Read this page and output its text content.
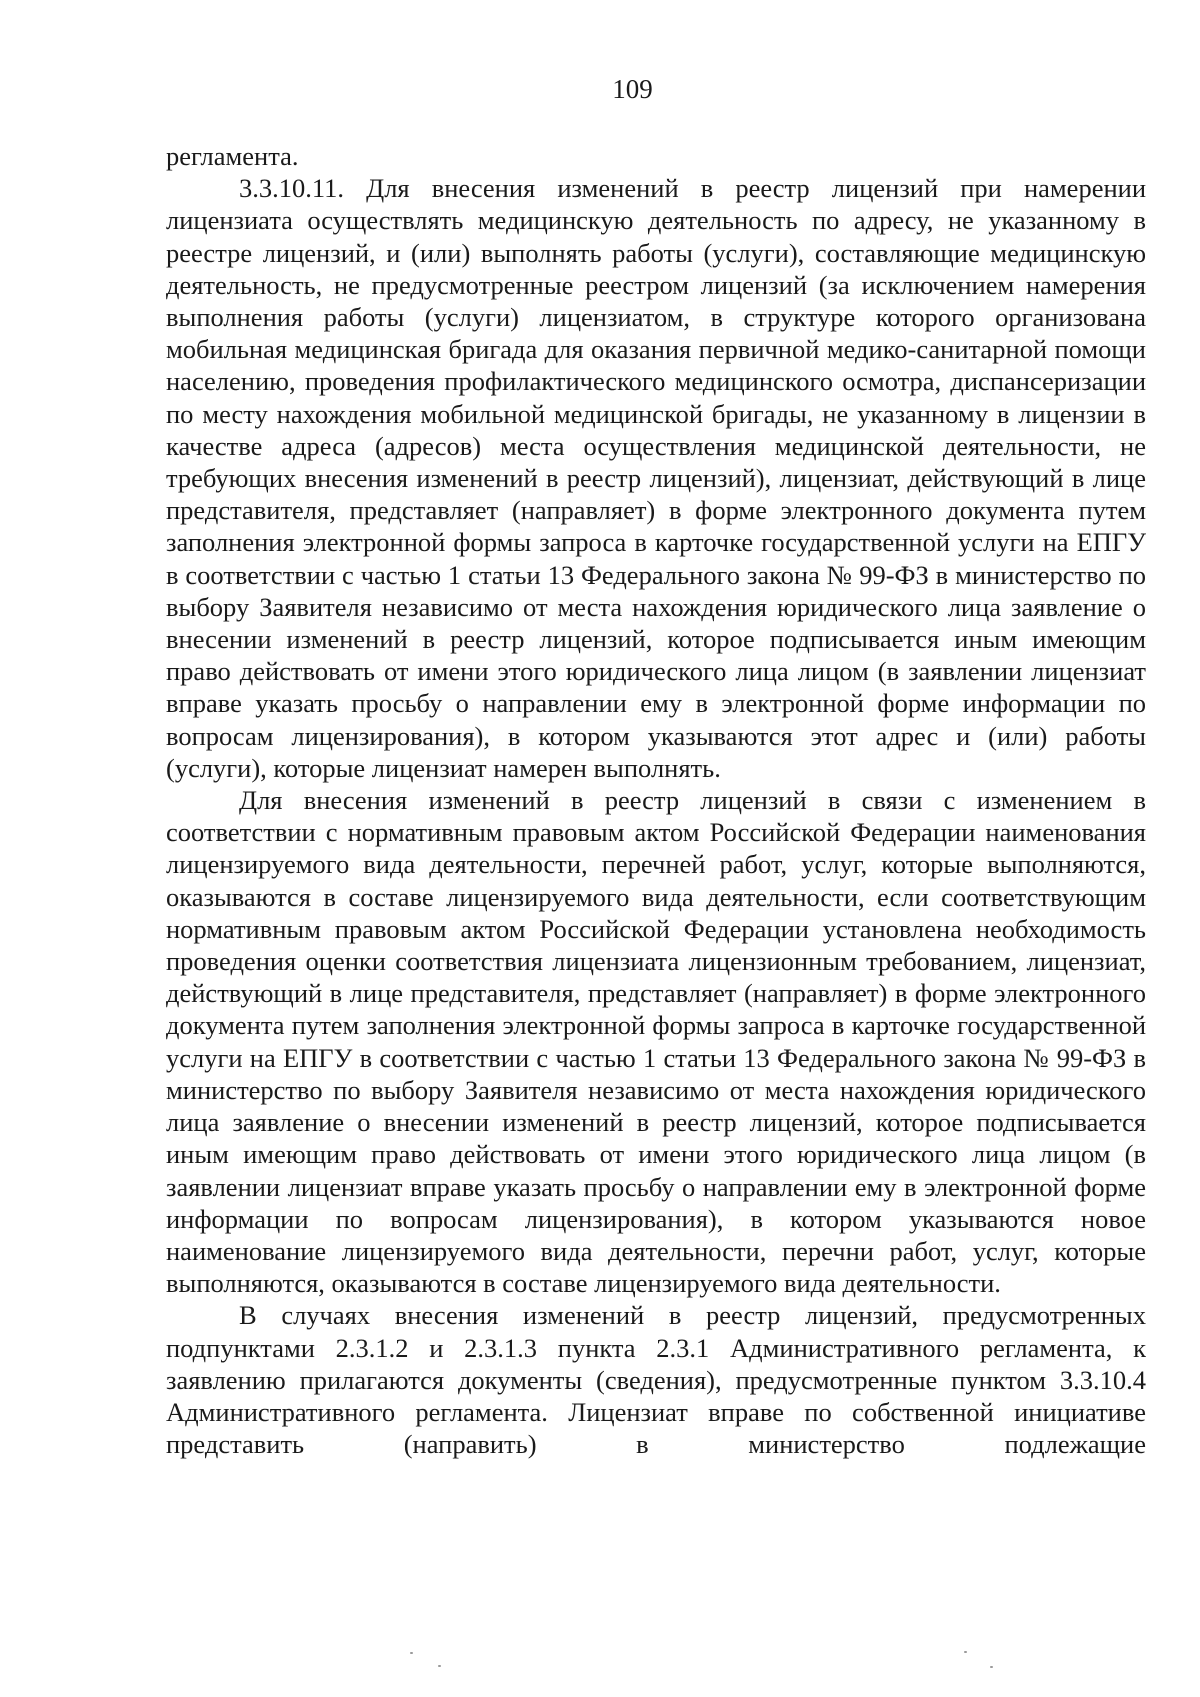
109

регламента.

3.3.10.11. Для внесения изменений в реестр лицензий при намерении лицензиата осуществлять медицинскую деятельность по адресу, не указанному в реестре лицензий, и (или) выполнять работы (услуги), составляющие медицинскую деятельность, не предусмотренные реестром лицензий (за исключением намерения выполнения работы (услуги) лицензиатом, в структуре которого организована мобильная медицинская бригада для оказания первичной медико-санитарной помощи населению, проведения профилактического медицинского осмотра, диспансеризации по месту нахождения мобильной медицинской бригады, не указанному в лицензии в качестве адреса (адресов) места осуществления медицинской деятельности, не требующих внесения изменений в реестр лицензий), лицензиат, действующий в лице представителя, представляет (направляет) в форме электронного документа путем заполнения электронной формы запроса в карточке государственной услуги на ЕПГУ в соответствии с частью 1 статьи 13 Федерального закона № 99-ФЗ в министерство по выбору Заявителя независимо от места нахождения юридического лица заявление о внесении изменений в реестр лицензий, которое подписывается иным имеющим право действовать от имени этого юридического лица лицом (в заявлении лицензиат вправе указать просьбу о направлении ему в электронной форме информации по вопросам лицензирования), в котором указываются этот адрес и (или) работы (услуги), которые лицензиат намерен выполнять.

Для внесения изменений в реестр лицензий в связи с изменением в соответствии с нормативным правовым актом Российской Федерации наименования лицензируемого вида деятельности, перечней работ, услуг, которые выполняются, оказываются в составе лицензируемого вида деятельности, если соответствующим нормативным правовым актом Российской Федерации установлена необходимость проведения оценки соответствия лицензиата лицензионным требованием, лицензиат, действующий в лице представителя, представляет (направляет) в форме электронного документа путем заполнения электронной формы запроса в карточке государственной услуги на ЕПГУ в соответствии с частью 1 статьи 13 Федерального закона № 99-ФЗ в министерство по выбору Заявителя независимо от места нахождения юридического лица заявление о внесении изменений в реестр лицензий, которое подписывается иным имеющим право действовать от имени этого юридического лица лицом (в заявлении лицензиат вправе указать просьбу о направлении ему в электронной форме информации по вопросам лицензирования), в котором указываются новое наименование лицензируемого вида деятельности, перечни работ, услуг, которые выполняются, оказываются в составе лицензируемого вида деятельности.

В случаях внесения изменений в реестр лицензий, предусмотренных подпунктами 2.3.1.2 и 2.3.1.3 пункта 2.3.1 Административного регламента, к заявлению прилагаются документы (сведения), предусмотренные пунктом 3.3.10.4 Административного регламента. Лицензиат вправе по собственной инициативе представить (направить) в министерство подлежащие
